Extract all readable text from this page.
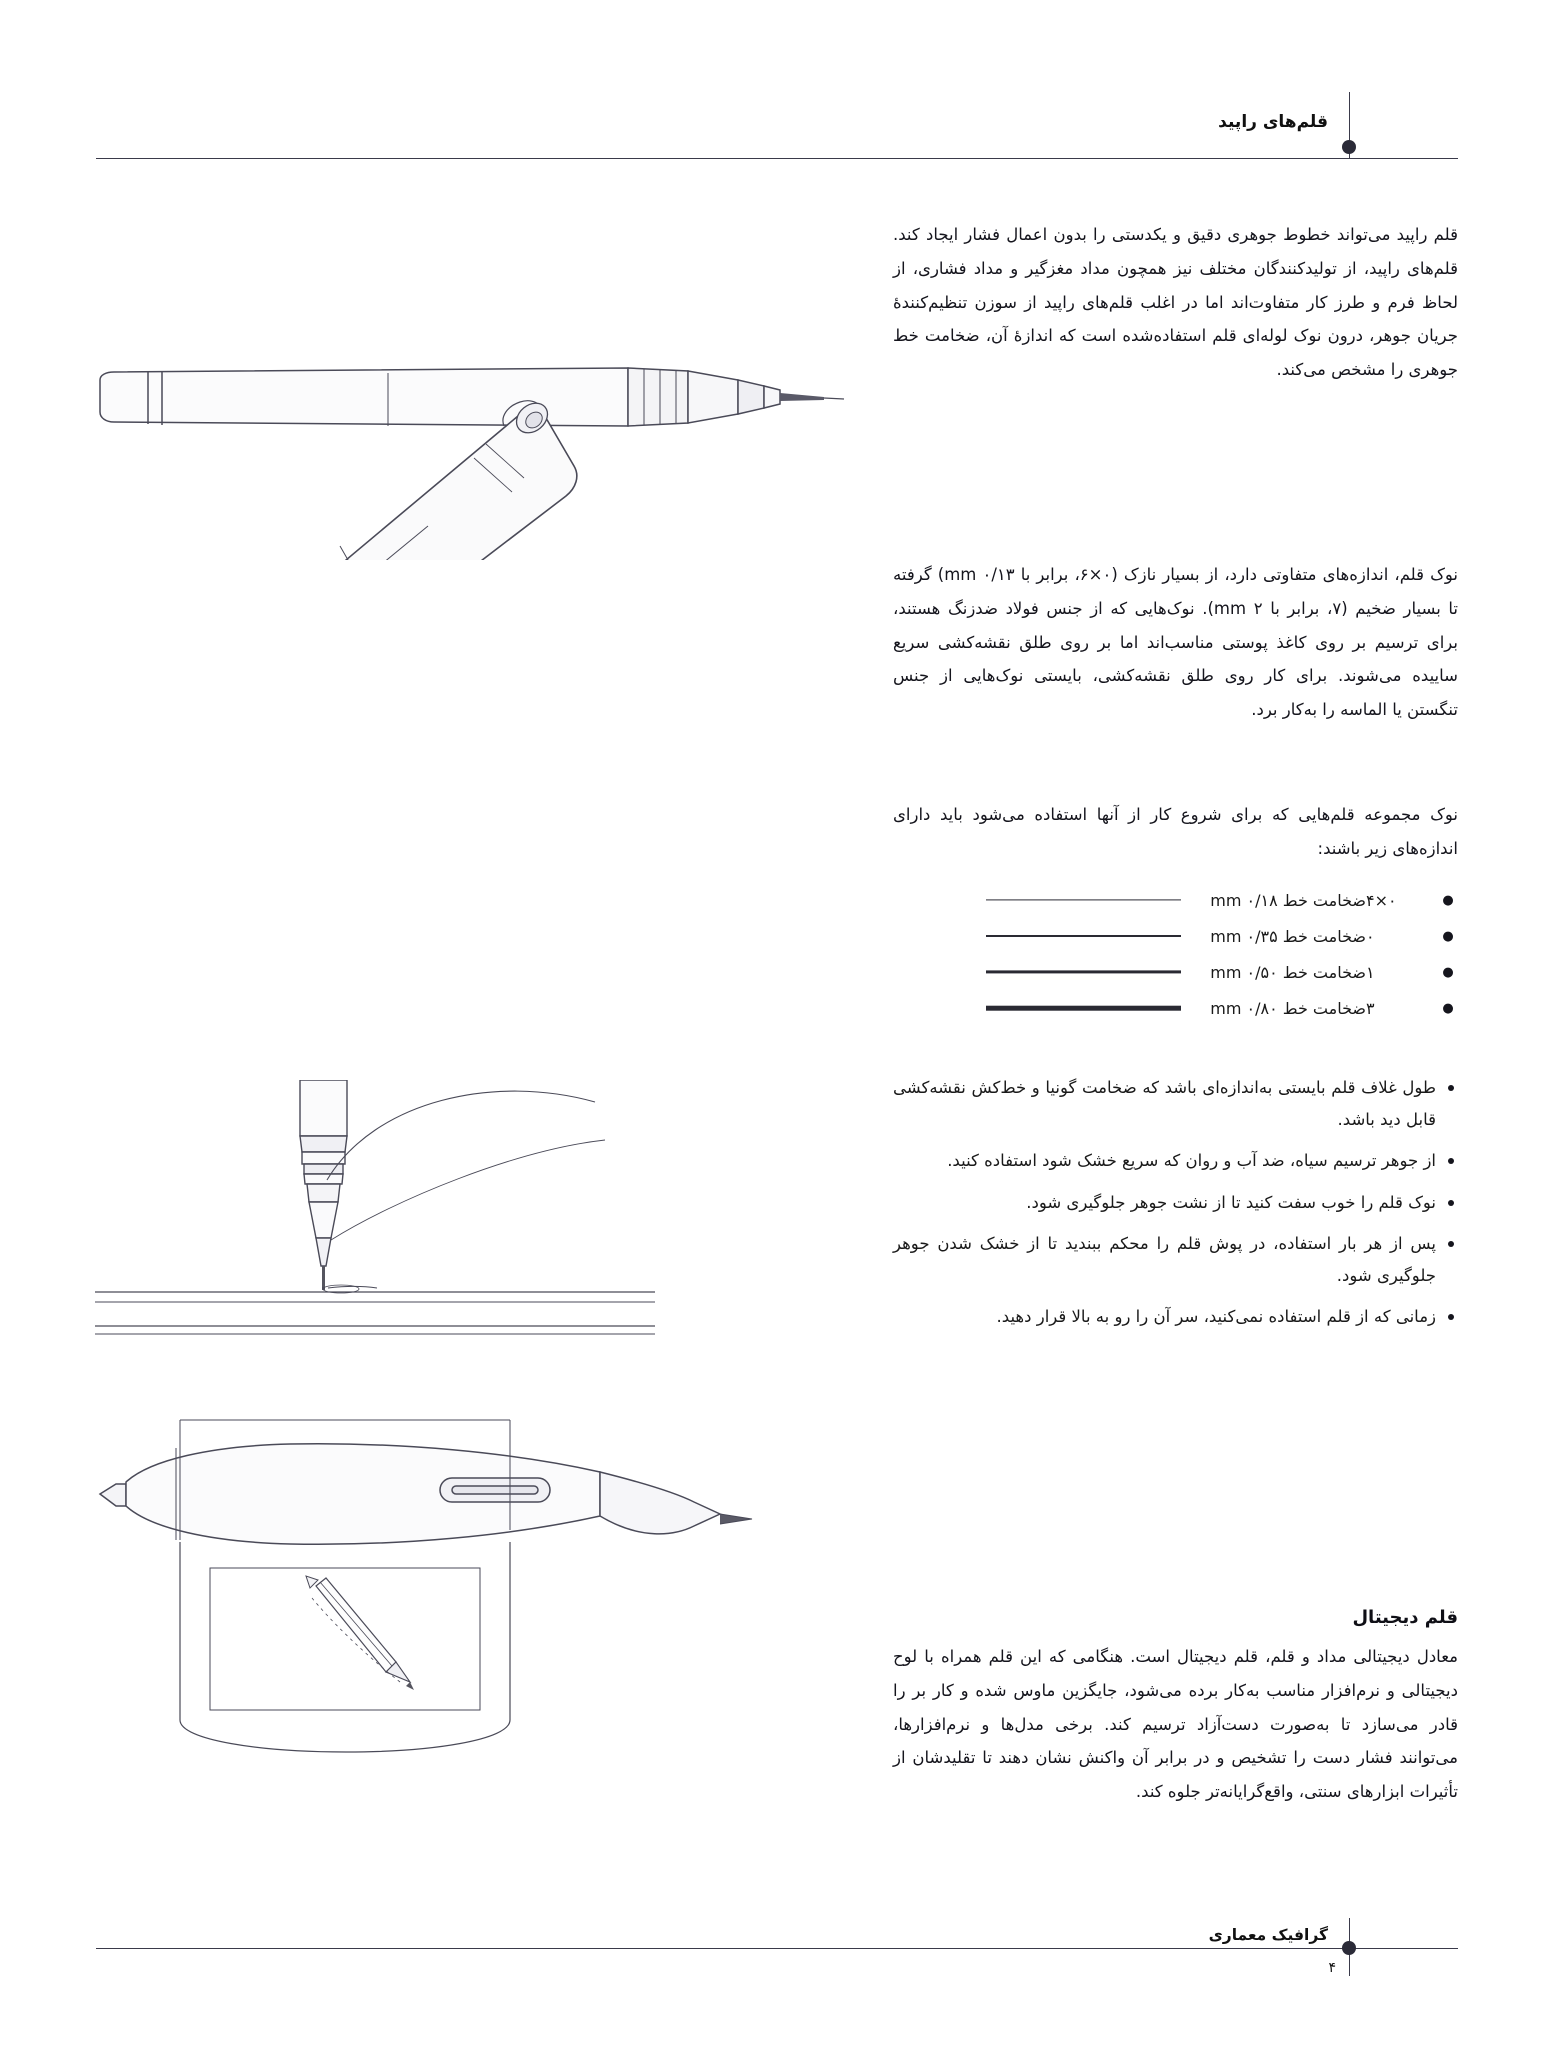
قلم‌های راپید
قلم راپید می‌تواند خطوط جوهری دقیق و یکدستی را بدون اعمال فشار ایجاد کند. قلم‌های راپید، از تولیدکنندگان مختلف نیز همچون مداد مغزگیر و مداد فشاری، از لحاظ فرم و طرز کار متفاوت‌اند اما در اغلب قلم‌های راپید از سوزن تنظیم‌کنندهٔ جریان جوهر، درون نوک لوله‌ای قلم استفاده‌شده است که اندازهٔ آن، ضخامت خط جوهری را مشخص می‌کند.
نوک قلم، اندازه‌های متفاوتی دارد، از بسیار نازک (۰×۶، برابر با ۰/۱۳ mm) گرفته تا بسیار ضخیم (۷، برابر با ۲ mm). نوک‌هایی که از جنس فولاد ضدزنگ هستند، برای ترسیم بر روی کاغذ پوستی مناسب‌اند اما بر روی طلق نقشه‌کشی سریع ساییده می‌شوند. برای کار روی طلق نقشه‌کشی، بایستی نوک‌هایی از جنس تنگستن یا الماسه را به‌کار برد.
نوک مجموعه قلم‌هایی که برای شروع کار از آنها استفاده می‌شود باید دارای اندازه‌های زیر باشند:
●
۰×۴
ضخامت خط ۰/۱۸ mm
●
۰
ضخامت خط ۰/۳۵ mm
●
۱
ضخامت خط ۰/۵۰ mm
●
۳
ضخامت خط ۰/۸۰ mm
طول غلاف قلم بایستی به‌اندازه‌ای باشد که ضخامت گونیا و خط‌کش نقشه‌کشی قابل دید باشد.
از جوهر ترسیم سیاه، ضد آب و روان که سریع خشک شود استفاده کنید.
نوک قلم را خوب سفت کنید تا از نشت جوهر جلوگیری شود.
پس از هر بار استفاده، در پوش قلم را محکم ببندید تا از خشک شدن جوهر جلوگیری شود.
زمانی که از قلم استفاده نمی‌کنید، سر آن را رو به بالا قرار دهید.
قلم دیجیتال
معادل دیجیتالی مداد و قلم، قلم دیجیتال است. هنگامی که این قلم همراه با لوح دیجیتالی و نرم‌افزار مناسب به‌کار برده می‌شود، جایگزین ماوس شده و کار بر را قادر می‌سازد تا به‌صورت دست‌آزاد ترسیم کند. برخی مدل‌ها و نرم‌افزارها، می‌توانند فشار دست را تشخیص و در برابر آن واکنش نشان دهند تا تقلیدشان از تأثیرات ابزارهای سنتی، واقع‌گرایانه‌تر جلوه کند.
گرافیک معماری
۴
